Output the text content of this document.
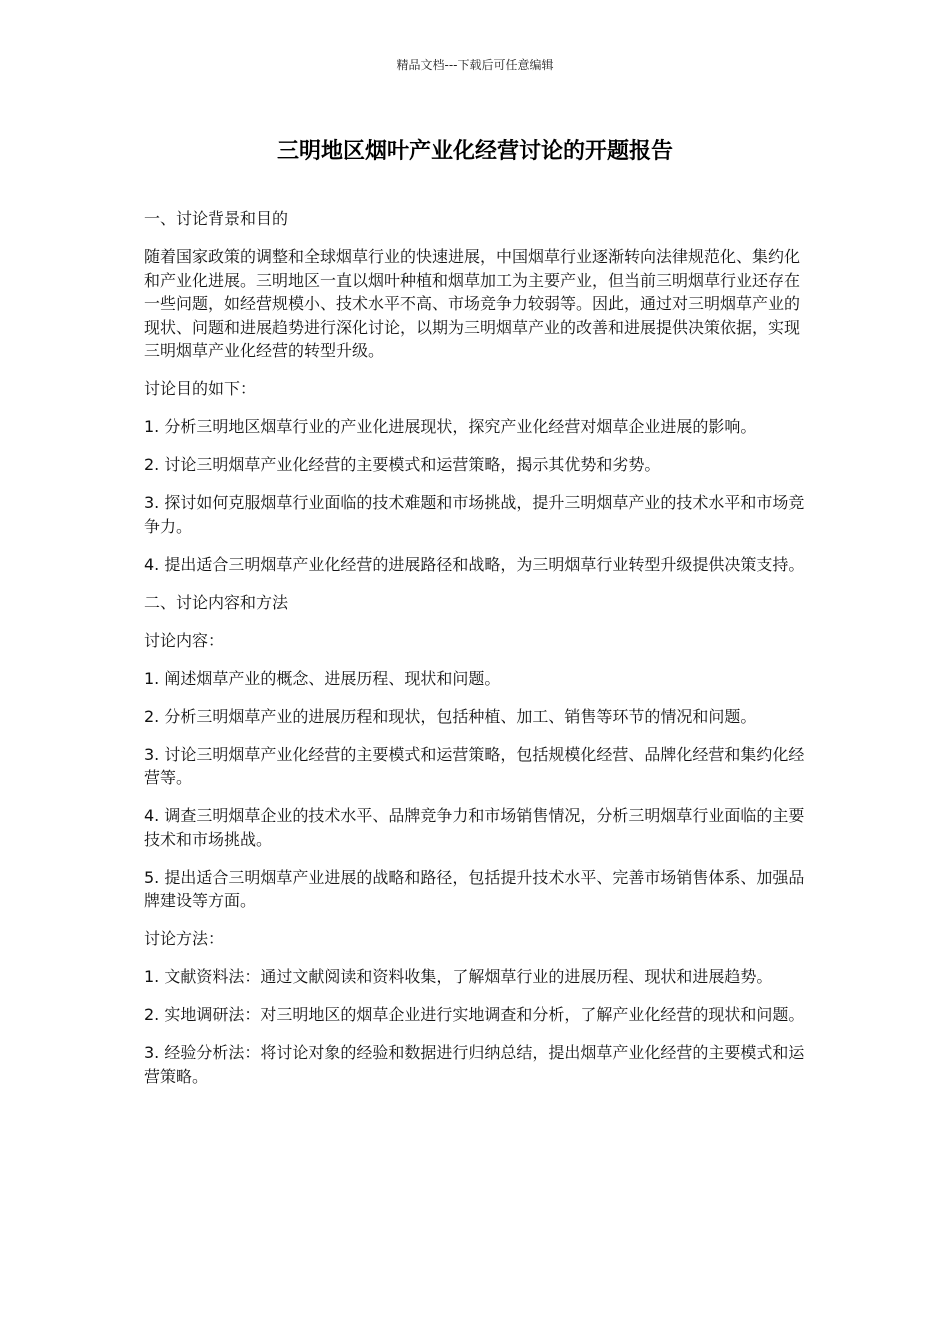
精品文档---下载后可任意编辑
三明地区烟叶产业化经营讨论的开题报告

一、讨论背景和目的

随着国家政策的调整和全球烟草行业的快速进展，中国烟草行业逐渐转向法律规范化、集约化和产业化进展。三明地区一直以烟叶种植和烟草加工为主要产业，但当前三明烟草行业还存在一些问题，如经营规模小、技术水平不高、市场竞争力较弱等。因此，通过对三明烟草产业的现状、问题和进展趋势进行深化讨论，以期为三明烟草产业的改善和进展提供决策依据，实现三明烟草产业化经营的转型升级。

讨论目的如下：

1. 分析三明地区烟草行业的产业化进展现状，探究产业化经营对烟草企业进展的影响。

2. 讨论三明烟草产业化经营的主要模式和运营策略，揭示其优势和劣势。

3. 探讨如何克服烟草行业面临的技术难题和市场挑战，提升三明烟草产业的技术水平和市场竞争力。

4. 提出适合三明烟草产业化经营的进展路径和战略，为三明烟草行业转型升级提供决策支持。

二、讨论内容和方法

讨论内容：

1. 阐述烟草产业的概念、进展历程、现状和问题。

2. 分析三明烟草产业的进展历程和现状，包括种植、加工、销售等环节的情况和问题。

3. 讨论三明烟草产业化经营的主要模式和运营策略，包括规模化经营、品牌化经营和集约化经营等。

4. 调查三明烟草企业的技术水平、品牌竞争力和市场销售情况，分析三明烟草行业面临的主要技术和市场挑战。

5. 提出适合三明烟草产业进展的战略和路径，包括提升技术水平、完善市场销售体系、加强品牌建设等方面。

讨论方法：

1. 文献资料法：通过文献阅读和资料收集，了解烟草行业的进展历程、现状和进展趋势。

2. 实地调研法：对三明地区的烟草企业进行实地调查和分析，了解产业化经营的现状和问题。

3. 经验分析法：将讨论对象的经验和数据进行归纳总结，提出烟草产业化经营的主要模式和运营策略。
